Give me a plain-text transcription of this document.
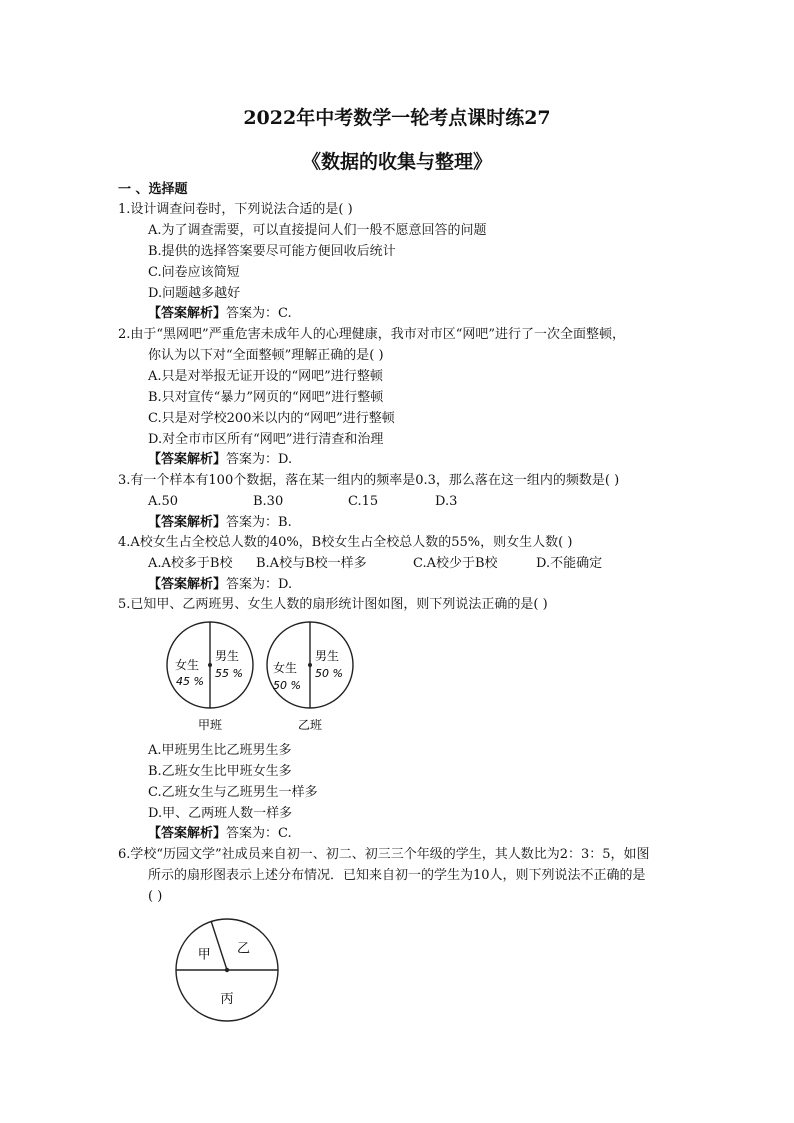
2022年中考数学一轮考点课时练27
《数据的收集与整理》
一 、选择题
1.设计调查问卷时，下列说法合适的是( )
A.为了调查需要，可以直接提问人们一般不愿意回答的问题
B.提供的选择答案要尽可能方便回收后统计
C.问卷应该简短
D.问题越多越好
【答案解析】答案为：C.
2.由于“黑网吧”严重危害未成年人的心理健康，我市对市区“网吧”进行了一次全面整顿，
你认为以下对“全面整顿”理解正确的是( )
A.只是对举报无证开设的“网吧”进行整顿
B.只对宣传“暴力”网页的“网吧”进行整顿
C.只是对学校200米以内的“网吧”进行整顿
D.对全市市区所有“网吧”进行清查和治理
【答案解析】答案为：D.
3.有一个样本有100个数据，落在某一组内的频率是0.3，那么落在这一组内的频数是( )
A.50	B.30	C.15	D.3
【答案解析】答案为：B.
4.A校女生占全校总人数的40%，B校女生占全校总人数的55%，则女生人数( )
A.A校多于B校 B.A校与B校一样多	C.A校少于B校	D.不能确定
【答案解析】答案为：D.
5.已知甲、乙两班男、女生人数的扇形统计图如图，则下列说法正确的是( )
男生
55 %
女生
45 %
甲班
男生
50 %
女生
50 %
乙班
A.甲班男生比乙班男生多
B.乙班女生比甲班女生多
C.乙班女生与乙班男生一样多
D.甲、乙两班人数一样多
【答案解析】答案为：C.
6.学校“历园文学”社成员来自初一、初二、初三三个年级的学生，其人数比为2：3：5，如图
所示的扇形图表示上述分布情况．已知来自初一的学生为10人，则下列说法不正确的是
( )
甲 乙
丙
